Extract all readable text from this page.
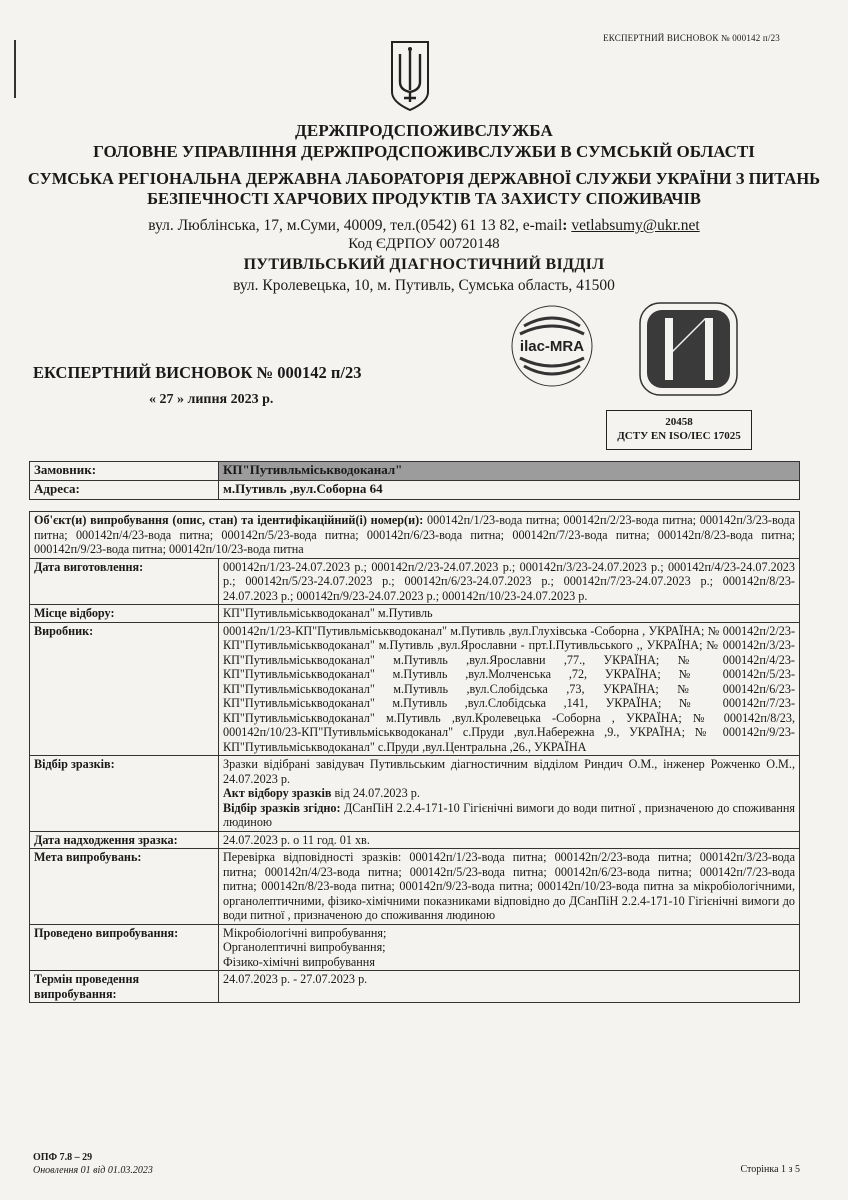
ЕКСПЕРТНИЙ ВИСНОВОК № 000142 п/23
ДЕРЖПРОДСПОЖИВСЛУЖБА
ГОЛОВНЕ УПРАВЛІННЯ ДЕРЖПРОДСПОЖИВСЛУЖБИ В СУМСЬКІЙ ОБЛАСТІ
СУМСЬКА РЕГІОНАЛЬНА ДЕРЖАВНА ЛАБОРАТОРІЯ ДЕРЖАВНОЇ СЛУЖБИ УКРАЇНИ З ПИТАНЬ БЕЗПЕЧНОСТІ ХАРЧОВИХ ПРОДУКТІВ ТА ЗАХИСТУ СПОЖИВАЧІВ
вул. Люблінська, 17, м.Суми, 40009, тел.(0542) 61 13 82, e-mail: vetlabsumy@ukr.net
Код ЄДРПОУ 00720148
ПУТИВЛЬСЬКИЙ ДІАГНОСТИЧНИЙ ВІДДІЛ
вул. Кролевецька, 10, м. Путивль, Сумська область, 41500
ilac-MRA
ЕКСПЕРТНИЙ ВИСНОВОК № 000142 п/23
« 27 » липня 2023 р.
20458
ДСТУ EN ISO/IEC 17025
Замовник:	КП"Путивльміськводоканал"
Адреса:	м.Путивль ,вул.Соборна 64
Об'єкт(и) випробування (опис, стан) та ідентифікаційний(і) номер(и): 000142п/1/23-вода питна; 000142п/2/23-вода питна; 000142п/3/23-вода питна; 000142п/4/23-вода питна; 000142п/5/23-вода питна; 000142п/6/23-вода питна; 000142п/7/23-вода питна; 000142п/8/23-вода питна; 000142п/9/23-вода питна; 000142п/10/23-вода питна	
Дата виготовлення:	000142п/1/23-24.07.2023 р.; 000142п/2/23-24.07.2023 р.; 000142п/3/23-24.07.2023 р.; 000142п/4/23-24.07.2023 р.; 000142п/5/23-24.07.2023 р.; 000142п/6/23-24.07.2023 р.; 000142п/7/23-24.07.2023 р.; 000142п/8/23-24.07.2023 р.; 000142п/9/23-24.07.2023 р.; 000142п/10/23-24.07.2023 р.
Місце відбору:	КП"Путивльміськводоканал" м.Путивль
Виробник:	000142п/1/23-КП"Путивльміськводоканал" м.Путивль ,вул.Глухівська -Соборна , УКРАЇНА; № 000142п/2/23-КП"Путивльміськводоканал" м.Путивль ,вул.Ярославни - прт.І.Путивльського ,, УКРАЇНА; № 000142п/3/23-КП"Путивльміськводоканал" м.Путивль ,вул.Ярославни ,77., УКРАЇНА; № 000142п/4/23-КП"Путивльміськводоканал" м.Путивль ,вул.Молченська ,72, УКРАЇНА; № 000142п/5/23-КП"Путивльміськводоканал" м.Путивль ,вул.Слобідська ,73, УКРАЇНА; № 000142п/6/23-КП"Путивльміськводоканал" м.Путивль ,вул.Слобідська ,141, УКРАЇНА; № 000142п/7/23-КП"Путивльміськводоканал" м.Путивль ,вул.Кролевецька -Соборна , УКРАЇНА; № 000142п/8/23, 000142п/10/23-КП"Путивльміськводоканал" с.Пруди ,вул.Набережна ,9., УКРАЇНА; № 000142п/9/23-КП"Путивльміськводоканал" с.Пруди ,вул.Центральна ,26., УКРАЇНА
Відбір зразків:	Зразки відібрані завідувач Путивльським діагностичним відділом Риндич О.М., інженер Рожченко О.М., 24.07.2023 р.
Акт відбору зразків від 24.07.2023 р.
Відбір зразків згідно: ДСанПіН 2.2.4-171-10 Гігієнічні вимоги до води питної , призначеною до споживання людиною

Дата надходження зразка:	24.07.2023 р. о 11 год. 01 хв.
Мета випробувань:	Перевірка відповідності зразків: 000142п/1/23-вода питна; 000142п/2/23-вода питна; 000142п/3/23-вода питна; 000142п/4/23-вода питна; 000142п/5/23-вода питна; 000142п/6/23-вода питна; 000142п/7/23-вода питна; 000142п/8/23-вода питна; 000142п/9/23-вода питна; 000142п/10/23-вода питна за мікробіологічними, органолептичними, фізико-хімічними показниками відповідно до ДСанПіН 2.2.4-171-10 Гігієнічні вимоги до води питної , призначеною до споживання людиною
Проведено випробування:	Мікробіологічні випробування;
Органолептичні випробування;
Фізико-хімічні випробування

Термін проведення випробування:	24.07.2023 р. - 27.07.2023 р.
ОПФ 7.8 – 29
Оновлення 01 від 01.03.2023	Сторінка 1 з 5
